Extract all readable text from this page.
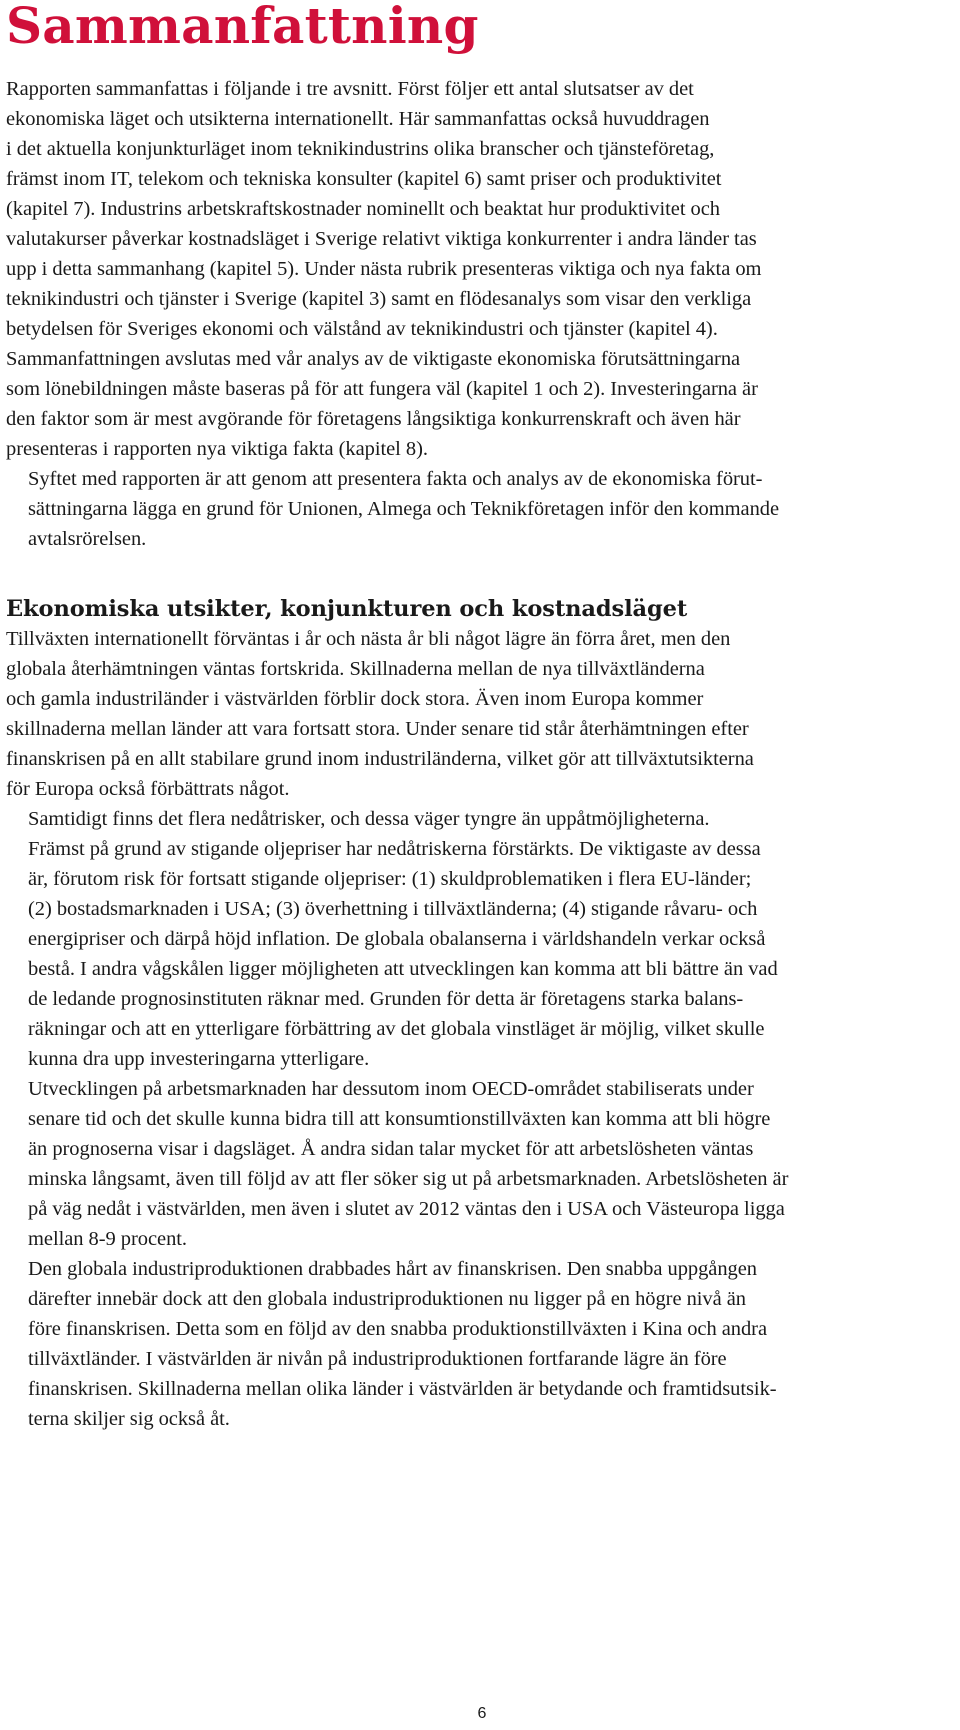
Sammanfattning

Rapporten sammanfattas i följande i tre avsnitt. Först följer ett antal slutsatser av det
ekonomiska läget och utsikterna internationellt. Här sammanfattas också huvuddragen
i det aktuella konjunkturläget inom teknikindustrins olika branscher och tjänsteföretag,
främst inom IT, telekom och tekniska konsulter (kapitel 6) samt priser och produktivitet
(kapitel 7). Industrins arbetskraftskostnader nominellt och beaktat hur produktivitet och
valutakurser påverkar kostnadsläget i Sverige relativt viktiga konkurrenter i andra länder tas
upp i detta sammanhang (kapitel 5). Under nästa rubrik presenteras viktiga och nya fakta om
teknikindustri och tjänster i Sverige (kapitel 3) samt en flödesanalys som visar den verkliga
betydelsen för Sveriges ekonomi och välstånd av teknikindustri och tjänster (kapitel 4).
Sammanfattningen avslutas med vår analys av de viktigaste ekonomiska förutsättningarna
som lönebildningen måste baseras på för att fungera väl (kapitel 1 och 2). Investeringarna är
den faktor som är mest avgörande för företagens långsiktiga konkurrenskraft och även här
presenteras i rapporten nya viktiga fakta (kapitel 8).

Syftet med rapporten är att genom att presentera fakta och analys av de ekonomiska förut-
sättningarna lägga en grund för Unionen, Almega och Teknikföretagen inför den kommande
avtalsrörelsen.

Ekonomiska utsikter, konjunkturen och kostnadsläget

Tillväxten internationellt förväntas i år och nästa år bli något lägre än förra året, men den
globala återhämtningen väntas fortskrida. Skillnaderna mellan de nya tillväxtländerna
och gamla industriländer i västvärlden förblir dock stora. Även inom Europa kommer
skillnaderna mellan länder att vara fortsatt stora. Under senare tid står återhämtningen efter
finanskrisen på en allt stabilare grund inom industriländerna, vilket gör att tillväxtutsikterna
för Europa också förbättrats något.

Samtidigt finns det flera nedåtrisker, och dessa väger tyngre än uppåtmöjligheterna.
Främst på grund av stigande oljepriser har nedåtriskerna förstärkts. De viktigaste av dessa
är, förutom risk för fortsatt stigande oljepriser: (1) skuldproblematiken i flera EU-länder;
(2) bostadsmarknaden i USA; (3) överhettning i tillväxtländerna; (4) stigande råvaru- och
energipriser och därpå höjd inflation. De globala obalanserna i världshandeln verkar också
bestå. I andra vågskålen ligger möjligheten att utvecklingen kan komma att bli bättre än vad
de ledande prognosinstituten räknar med. Grunden för detta är företagens starka balans-
räkningar och att en ytterligare förbättring av det globala vinstläget är möjlig, vilket skulle
kunna dra upp investeringarna ytterligare.

Utvecklingen på arbetsmarknaden har dessutom inom OECD-området stabiliserats under
senare tid och det skulle kunna bidra till att konsumtionstillväxten kan komma att bli högre
än prognoserna visar i dagsläget. Å andra sidan talar mycket för att arbetslösheten väntas
minska långsamt, även till följd av att fler söker sig ut på arbetsmarknaden. Arbetslösheten är
på väg nedåt i västvärlden, men även i slutet av 2012 väntas den i USA och Västeuropa ligga
mellan 8-9 procent.

Den globala industriproduktionen drabbades hårt av finanskrisen. Den snabba uppgången
därefter innebär dock att den globala industriproduktionen nu ligger på en högre nivå än
före finanskrisen. Detta som en följd av den snabba produktionstillväxten i Kina och andra
tillväxtländer. I västvärlden är nivån på industriproduktionen fortfarande lägre än före
finanskrisen. Skillnaderna mellan olika länder i västvärlden är betydande och framtidsutsik-
terna skiljer sig också åt.

6
